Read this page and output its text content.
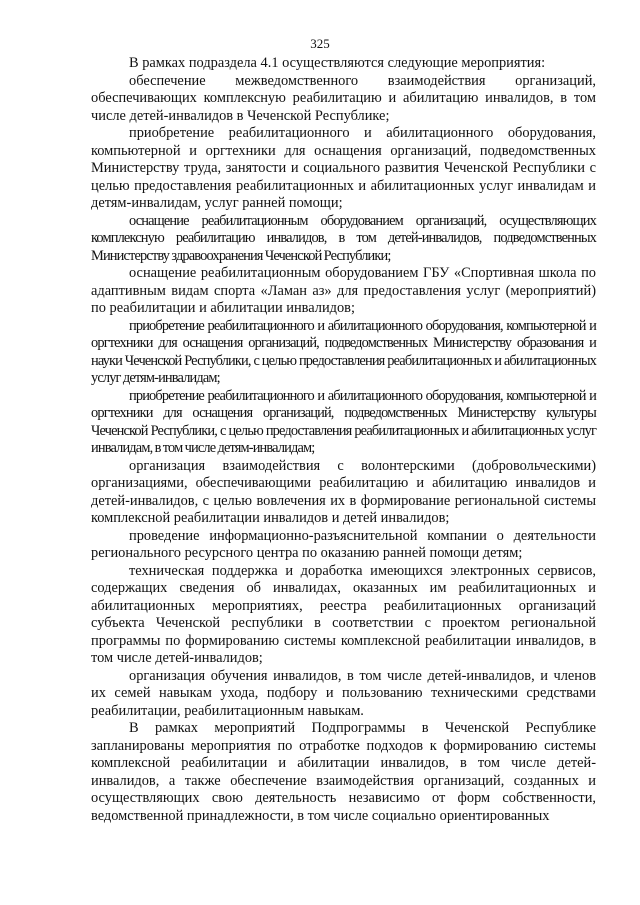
325

В рамках подраздела 4.1 осуществляются следующие мероприятия:

обеспечение межведомственного взаимодействия организаций, обеспечивающих комплексную реабилитацию и абилитацию инвалидов, в том числе детей-инвалидов в Чеченской Республике;

приобретение реабилитационного и абилитационного оборудования, компьютерной и оргтехники для оснащения организаций, подведомственных Министерству труда, занятости и социального развития Чеченской Республики с целью предоставления реабилитационных и абилитационных услуг инвалидам и детям-инвалидам, услуг ранней помощи;

оснащение реабилитационным оборудованием организаций, осуществляющих комплексную реабилитацию инвалидов, в том детей-инвалидов, подведомственных Министерству здравоохранения Чеченской Республики;

оснащение реабилитационным оборудованием ГБУ «Спортивная школа по адаптивным видам спорта «Ламан аз» для предоставления услуг (мероприятий) по реабилитации и абилитации инвалидов;

приобретение реабилитационного и абилитационного оборудования, компьютерной и оргтехники для оснащения организаций, подведомственных Министерству образования и науки Чеченской Республики, с целью предоставления реабилитационных и абилитационных услуг детям-инвалидам;

приобретение реабилитационного и абилитационного оборудования, компьютерной и оргтехники для оснащения организаций, подведомственных Министерству культуры Чеченской Республики, с целью предоставления реабилитационных и абилитационных услуг инвалидам, в том числе детям-инвалидам;

организация взаимодействия с волонтерскими (добровольческими) организациями, обеспечивающими реабилитацию и абилитацию инвалидов и детей-инвалидов, с целью вовлечения их в формирование региональной системы комплексной реабилитации инвалидов и детей инвалидов;

проведение информационно-разъяснительной компании о деятельности регионального ресурсного центра по оказанию ранней помощи детям;

техническая поддержка и доработка имеющихся электронных сервисов, содержащих сведения об инвалидах, оказанных им реабилитационных и абилитационных мероприятиях, реестра реабилитационных организаций субъекта Чеченской республики в соответствии с проектом региональной программы по формированию системы комплексной реабилитации инвалидов, в том числе детей-инвалидов;

организация обучения инвалидов, в том числе детей-инвалидов, и членов их семей навыкам ухода, подбору и пользованию техническими средствами реабилитации, реабилитационным навыкам.

В рамках мероприятий Подпрограммы в Чеченской Республике запланированы мероприятия по отработке подходов к формированию системы комплексной реабилитации и абилитации инвалидов, в том числе детей-инвалидов, а также обеспечение взаимодействия организаций, созданных и осуществляющих свою деятельность независимо от форм собственности, ведомственной принадлежности, в том числе социально ориентированных
